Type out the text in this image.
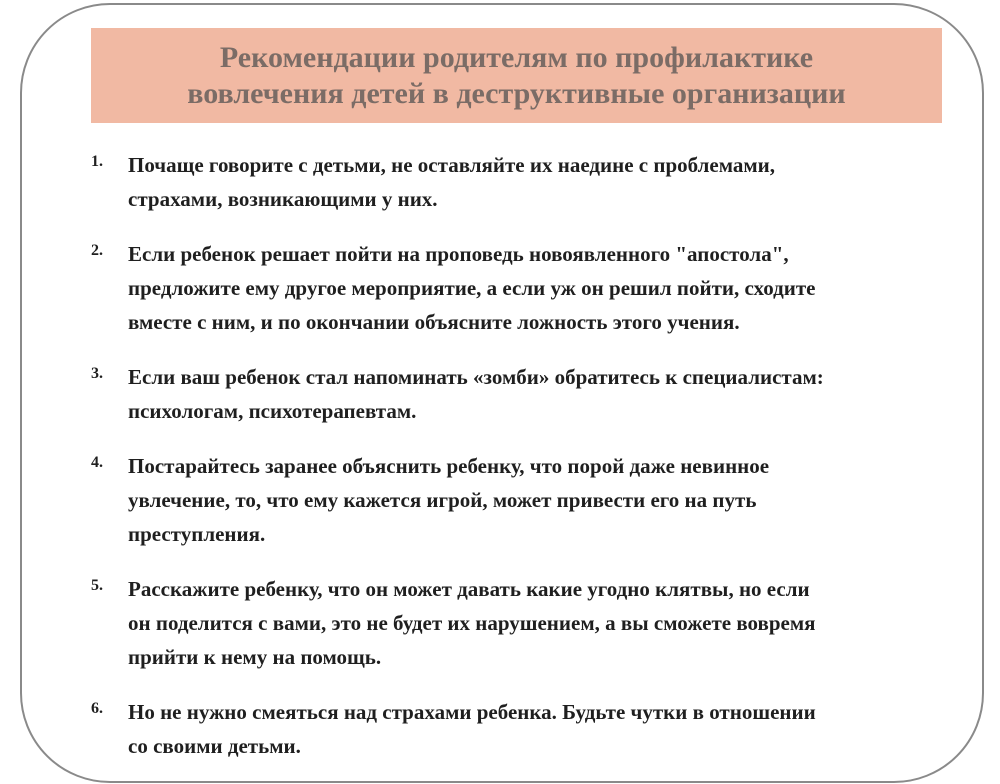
Рекомендации родителям по профилактике
вовлечения детей в деструктивные организации
1. Почаще говорите с детьми, не оставляйте их наедине с проблемами,
страхами, возникающими у них.
2. Если ребенок решает пойти на проповедь новоявленного "апостола",
предложите ему другое мероприятие, а если уж он решил пойти, сходите
вместе с ним, и по окончании объясните ложность этого учения.
3. Если ваш ребенок стал напоминать «зомби» обратитесь к специалистам:
психологам, психотерапевтам.
4. Постарайтесь заранее объяснить ребенку, что порой даже невинное
увлечение, то, что ему кажется игрой, может привести его на путь
преступления.
5. Расскажите ребенку, что он может давать какие угодно клятвы, но если
он поделится с вами, это не будет их нарушением, а вы сможете вовремя
прийти к нему на помощь.
6. Но не нужно смеяться над страхами ребенка. Будьте чутки в отношении
со своими детьми.
